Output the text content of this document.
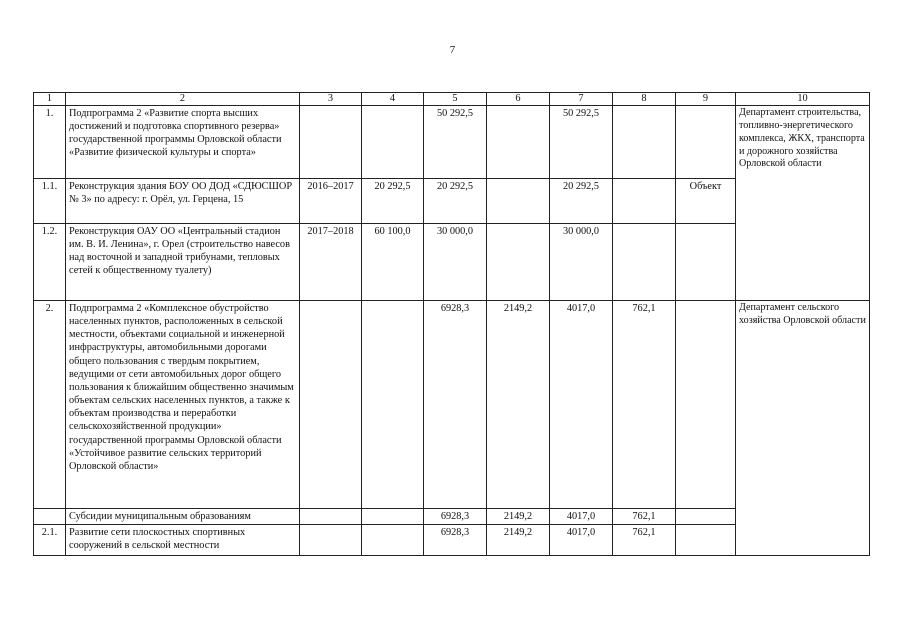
7
1	2	3	4	5	6	7	8	9	10
1.	Подпрограмма 2 «Развитие спорта высших достижений и подготовка спортивного резерва» государственной программы Орловской области «Развитие физической культуры и спорта»			50 292,5		50 292,5			Департамент строительства, топливно-энергетического комплекса, ЖКХ, транспорта и дорожного хозяйства Орловской области
1.1.	Реконструкция здания БОУ ОО ДОД «СДЮСШОР № 3» по адресу: г. Орёл, ул. Герцена, 15	2016–2017	20 292,5	20 292,5		20 292,5		Объект	
1.2.	Реконструкция ОАУ ОО «Центральный стадион им. В. И. Ленина», г. Орел (строительство навесов над восточной и западной трибунами, тепловых сетей к общественному туалету)	2017–2018	60 100,0	30 000,0		30 000,0			
2.	Подпрограмма 2 «Комплексное обустройство населенных пунктов, расположенных в сельской местности, объектами социальной и инженерной инфраструктуры, автомобильными дорогами общего пользования с твердым покрытием, ведущими от сети автомобильных дорог общего пользования к ближайшим общественно значимым объектам сельских населенных пунктов, а также к объектам производства и переработки сельскохозяйственной продукции» государственной программы Орловской области «Устойчивое развитие сельских территорий Орловской области»			6928,3	2149,2	4017,0	762,1		Департамент сельского хозяйства Орловской области
	Субсидии муниципальным образованиям			6928,3	2149,2	4017,0	762,1		
2.1.	Развитие сети плоскостных спортивных сооружений в сельской местности			6928,3	2149,2	4017,0	762,1		
